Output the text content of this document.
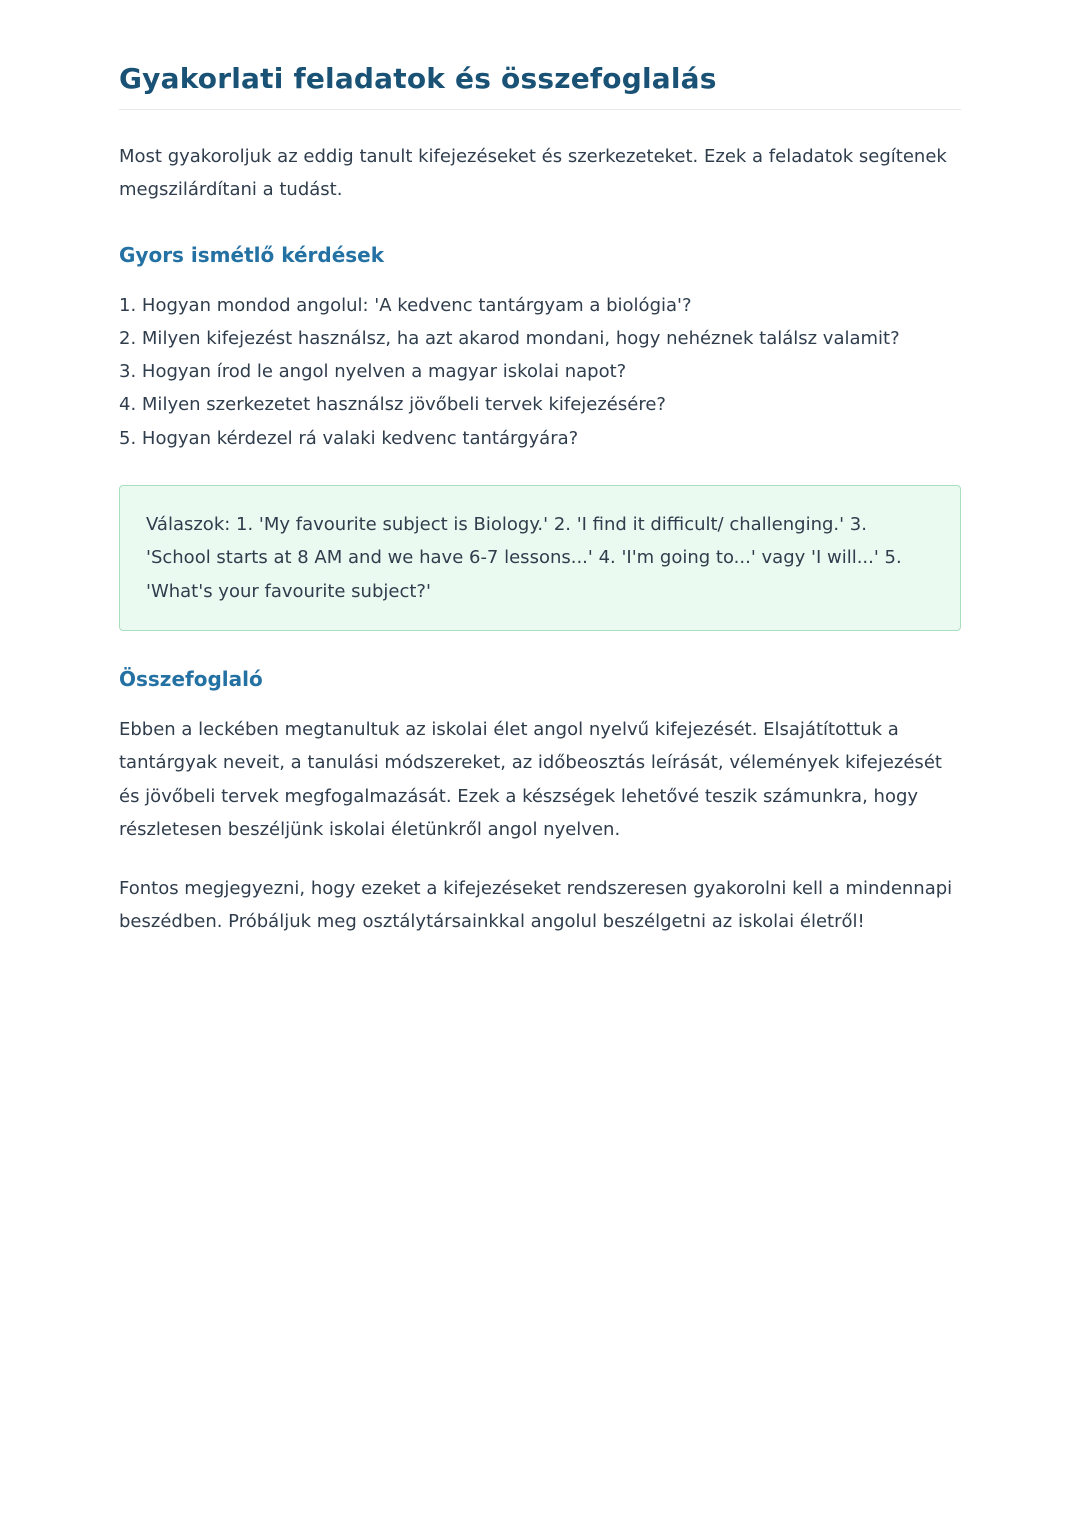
Gyakorlati feladatok és összefoglalás

Most gyakoroljuk az eddig tanult kifejezéseket és szerkezeteket. Ezek a feladatok segítenek megszilárdítani a tudást.

Gyors ismétlő kérdések
Hogyan mondod angolul: 'A kedvenc tantárgyam a biológia'?
Milyen kifejezést használsz, ha azt akarod mondani, hogy nehéznek találsz valamit?
Hogyan írod le angol nyelven a magyar iskolai napot?
Milyen szerkezetet használsz jövőbeli tervek kifejezésére?
Hogyan kérdezel rá valaki kedvenc tantárgyára?

Válaszok: 1. 'My favourite subject is Biology.' 2. 'I find it difficult/ challenging.' 3. 'School starts at 8 AM and we have 6-7 lessons...' 4. 'I'm going to...' vagy 'I will...' 5. 'What's your favourite subject?'

Összefoglaló

Ebben a leckében megtanultuk az iskolai élet angol nyelvű kifejezését. Elsajátítottuk a tantárgyak neveit, a tanulási módszereket, az időbeosztás leírását, vélemények kifejezését és jövőbeli tervek megfogalmazását. Ezek a készségek lehetővé teszik számunkra, hogy részletesen beszéljünk iskolai életünkről angol nyelven.

Fontos megjegyezni, hogy ezeket a kifejezéseket rendszeresen gyakorolni kell a mindennapi beszédben. Próbáljuk meg osztálytársainkkal angolul beszélgetni az iskolai életről!
